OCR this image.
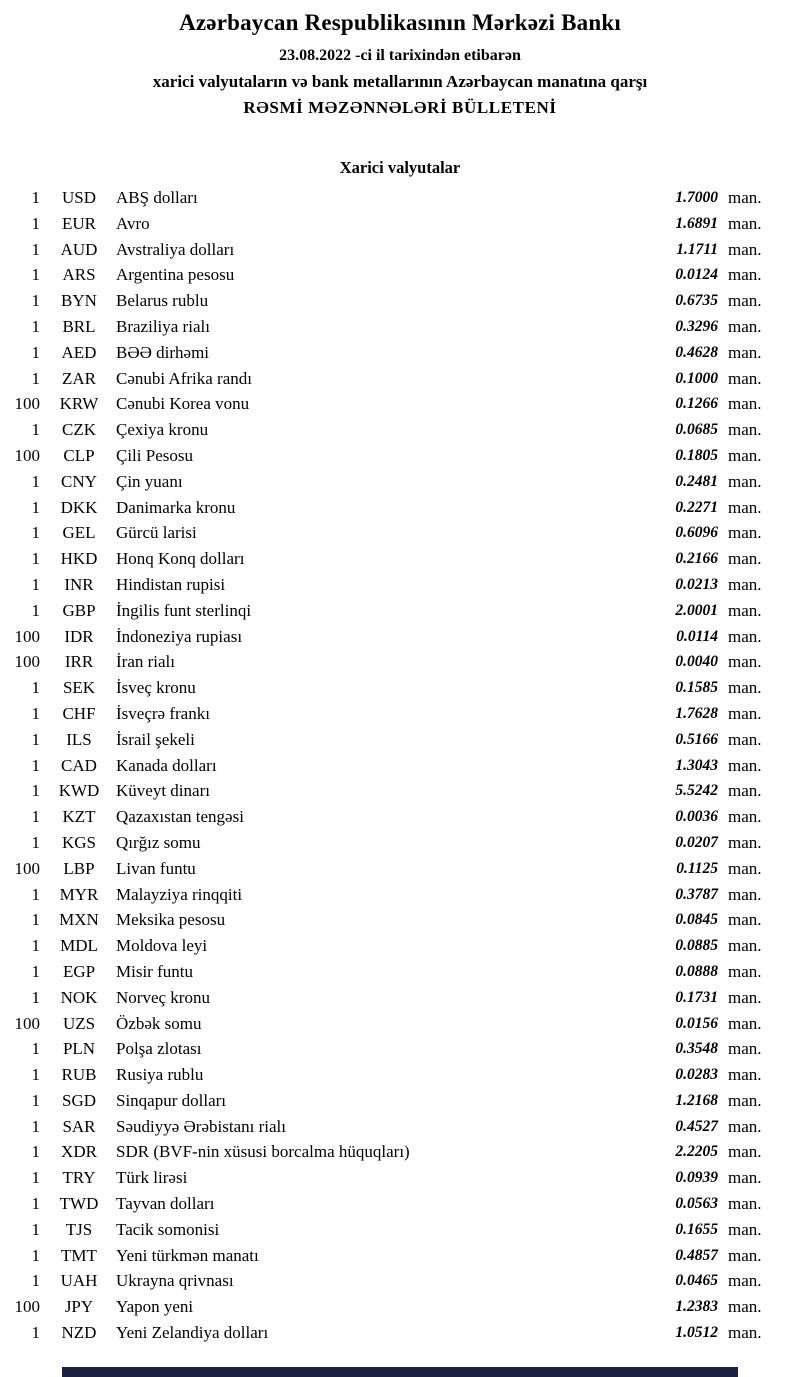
Azərbaycan Respublikasının Mərkəzi Bankı
23.08.2022 -ci il tarixindən etibarən
xarici valyutaların və bank metallarının Azərbaycan manatına qarşı
RƏSMİ MƏZƏNNƏLƏRİ BÜLLETENİ
Xarici valyutalar
1	USD	ABŞ dolları	1.7000 man.
1	EUR	Avro	1.6891 man.
1	AUD	Avstraliya dolları	1.1711 man.
1	ARS	Argentina pesosu	0.0124 man.
1	BYN	Belarus rublu	0.6735 man.
1	BRL	Braziliya rialı	0.3296 man.
1	AED	BƏƏ dirhəmi	0.4628 man.
1	ZAR	Cənubi Afrika randı	0.1000 man.
100	KRW	Cənubi Korea vonu	0.1266 man.
1	CZK	Çexiya kronu	0.0685 man.
100	CLP	Çili Pesosu	0.1805 man.
1	CNY	Çin yuanı	0.2481 man.
1	DKK	Danimarka kronu	0.2271 man.
1	GEL	Gürcü larisi	0.6096 man.
1	HKD	Honq Konq dolları	0.2166 man.
1	INR	Hindistan rupisi	0.0213 man.
1	GBP	İngilis funt sterlinqi	2.0001 man.
100	IDR	İndoneziya rupiası	0.0114 man.
100	IRR	İran rialı	0.0040 man.
1	SEK	İsveç kronu	0.1585 man.
1	CHF	İsveçrə frankı	1.7628 man.
1	ILS	İsrail şekeli	0.5166 man.
1	CAD	Kanada dolları	1.3043 man.
1	KWD Küveyt dinarı	5.5242 man.
1	KZT	Qazaxıstan tengəsi	0.0036 man.
1	KGS	Qırğız somu	0.0207 man.
100	LBP	Livan funtu	0.1125 man.
1	MYR	Malayziya rinqqiti	0.3787 man.
1	MXN	Meksika pesosu	0.0845 man.
1	MDL	Moldova leyi	0.0885 man.
1	EGP	Misir funtu	0.0888 man.
1	NOK	Norveç kronu	0.1731 man.
100	UZS	Özbək somu	0.0156 man.
1	PLN	Polşa zlotası	0.3548 man.
1	RUB	Rusiya rublu	0.0283 man.
1	SGD	Sinqapur dolları	1.2168 man.
1	SAR	Səudiyyə Ərəbistanı rialı	0.4527 man.
1	XDR	SDR (BVF-nin xüsusi borcalma hüquqları)	2.2205 man.
1	TRY	Türk lirəsi	0.0939 man.
1	TWD	Tayvan dolları	0.0563 man.
1	TJS	Tacik somonisi	0.1655 man.
1	TMT	Yeni türkmən manatı	0.4857 man.
1	UAH	Ukrayna qrivnası	0.0465 man.
100	JPY	Yapon yeni	1.2383 man.
1	NZD	Yeni Zelandiya dolları	1.0512 man.
